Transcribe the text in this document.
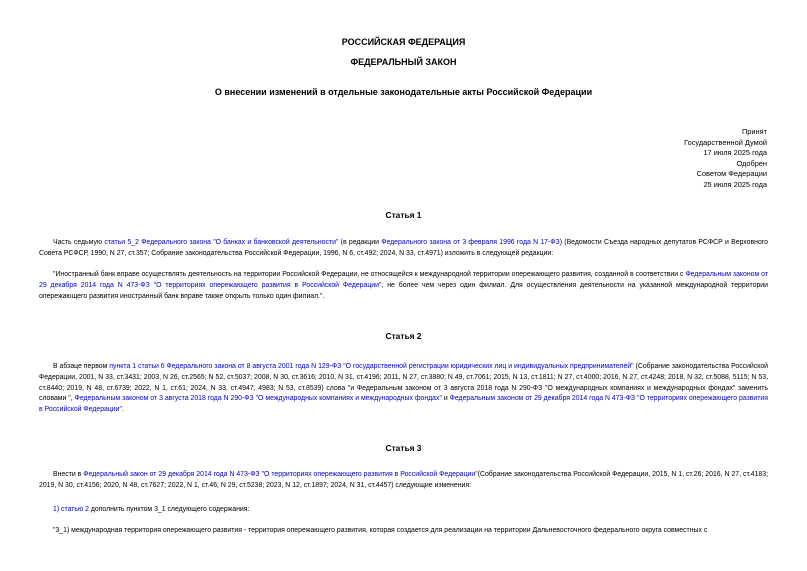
РОССИЙСКАЯ ФЕДЕРАЦИЯ
ФЕДЕРАЛЬНЫЙ ЗАКОН
О внесении изменений в отдельные законодательные акты Российской Федерации
Принят
Государственной Думой
17 июля 2025 года
Одобрен
Советом Федерации
25 июля 2025 года
Статья 1
Часть седьмую статьи 5_2 Федерального закона "О банках и банковской деятельности" (в редакции Федерального закона от 3 февраля 1996 года N 17-ФЗ) (Ведомости Съезда народных депутатов РСФСР и Верховного Совета РСФСР, 1990, N 27, ст.357; Собрание законодательства Российской Федерации, 1996, N 6, ст.492; 2024, N 33, ст.4971) изложить в следующей редакции:
"Иностранный банк вправе осуществлять деятельность на территории Российской Федерации, не относящейся к международной территории опережающего развития, созданной в соответствии с Федеральным законом от 29 декабря 2014 года N 473-ФЗ "О территориях опережающего развития в Российской Федерации", не более чем через один филиал. Для осуществления деятельности на указанной международной территории опережающего развития иностранный банк вправе также открыть только один филиал.".
Статья 2
В абзаце первом пункта 1 статьи 6 Федерального закона от 8 августа 2001 года N 129-ФЗ "О государственной регистрации юридических лиц и индивидуальных предпринимателей" (Собрание законодательства Российской Федерации, 2001, N 33, ст.3431; 2003, N 26, ст.2565; N 52, ст.5037; 2008, N 30, ст.3616; 2010, N 31, ст.4196; 2011, N 27, ст.3880; N 49, ст.7061; 2015, N 13, ст.1811; N 27, ст.4000; 2016, N 27, ст.4248; 2018, N 32, ст.5088, 5115; N 53, ст.8440; 2019, N 48, ст.6739; 2022, N 1, ст.61; 2024, N 33, ст.4947, 4983; N 53, ст.8539) слова "и Федеральным законом от 3 августа 2018 года N 290-ФЗ "О международных компаниях и международных фондах" заменить словами ", Федеральным законом от 3 августа 2018 года N 290-ФЗ "О международных компаниях и международных фондах" и Федеральным законом от 29 декабря 2014 года N 473-ФЗ "О территориях опережающего развития в Российской Федерации".
Статья 3
Внести в Федеральный закон от 29 декабря 2014 года N 473-ФЗ "О территориях опережающего развития в Российской Федерации"(Собрание законодательства Российской Федерации, 2015, N 1, ст.26; 2016, N 27, ст.4183; 2019, N 30, ст.4156; 2020, N 48, ст.7627; 2022, N 1, ст.46; N 29, ст.5238; 2023, N 12, ст.1897; 2024, N 31, ст.4457) следующие изменения:
1) статью 2 дополнить пунктом 3_1 следующего содержания:
"3_1) международная территория опережающего развития - территория опережающего развития, которая создается для реализации на территории Дальневосточного федерального округа совместных с
